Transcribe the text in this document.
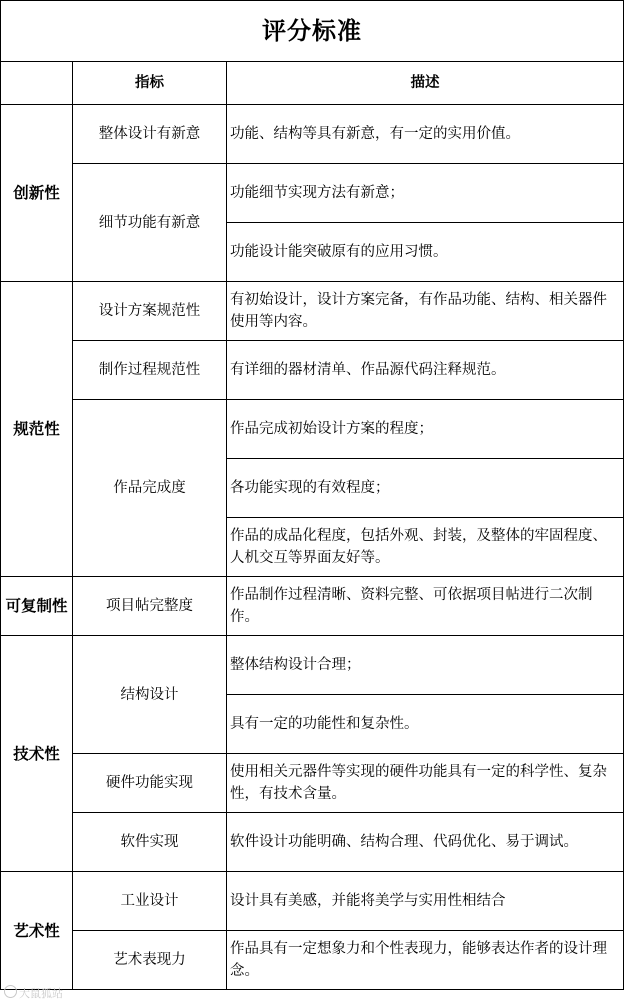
评分标准		
	指标	描述
创新性	整体设计有新意	功能、结构等具有新意，有一定的实用价值。
	细节功能有新意	功能细节实现方法有新意；
		功能设计能突破原有的应用习惯。
规范性	设计方案规范性	有初始设计，设计方案完备，有作品功能、结构、相关器件使用等内容。
	制作过程规范性	有详细的器材清单、作品源代码注释规范。
	作品完成度	作品完成初始设计方案的程度；
		各功能实现的有效程度；
		作品的成品化程度，包括外观、封装，及整体的牢固程度、人机交互等界面友好等。
可复制性	项目帖完整度	作品制作过程清晰、资料完整、可依据项目帖进行二次制作。
技术性	结构设计	整体结构设计合理；
		具有一定的功能性和复杂性。
	硬件功能实现	使用相关元器件等实现的硬件功能具有一定的科学性、复杂性，有技术含量。
	软件实现	软件设计功能明确、结构合理、代码优化、易于调试。
艺术性	工业设计	设计具有美感，并能将美学与实用性相结合
	艺术表现力	作品具有一定想象力和个性表现力，能够表达作者的设计理念。
大鼠狐站
